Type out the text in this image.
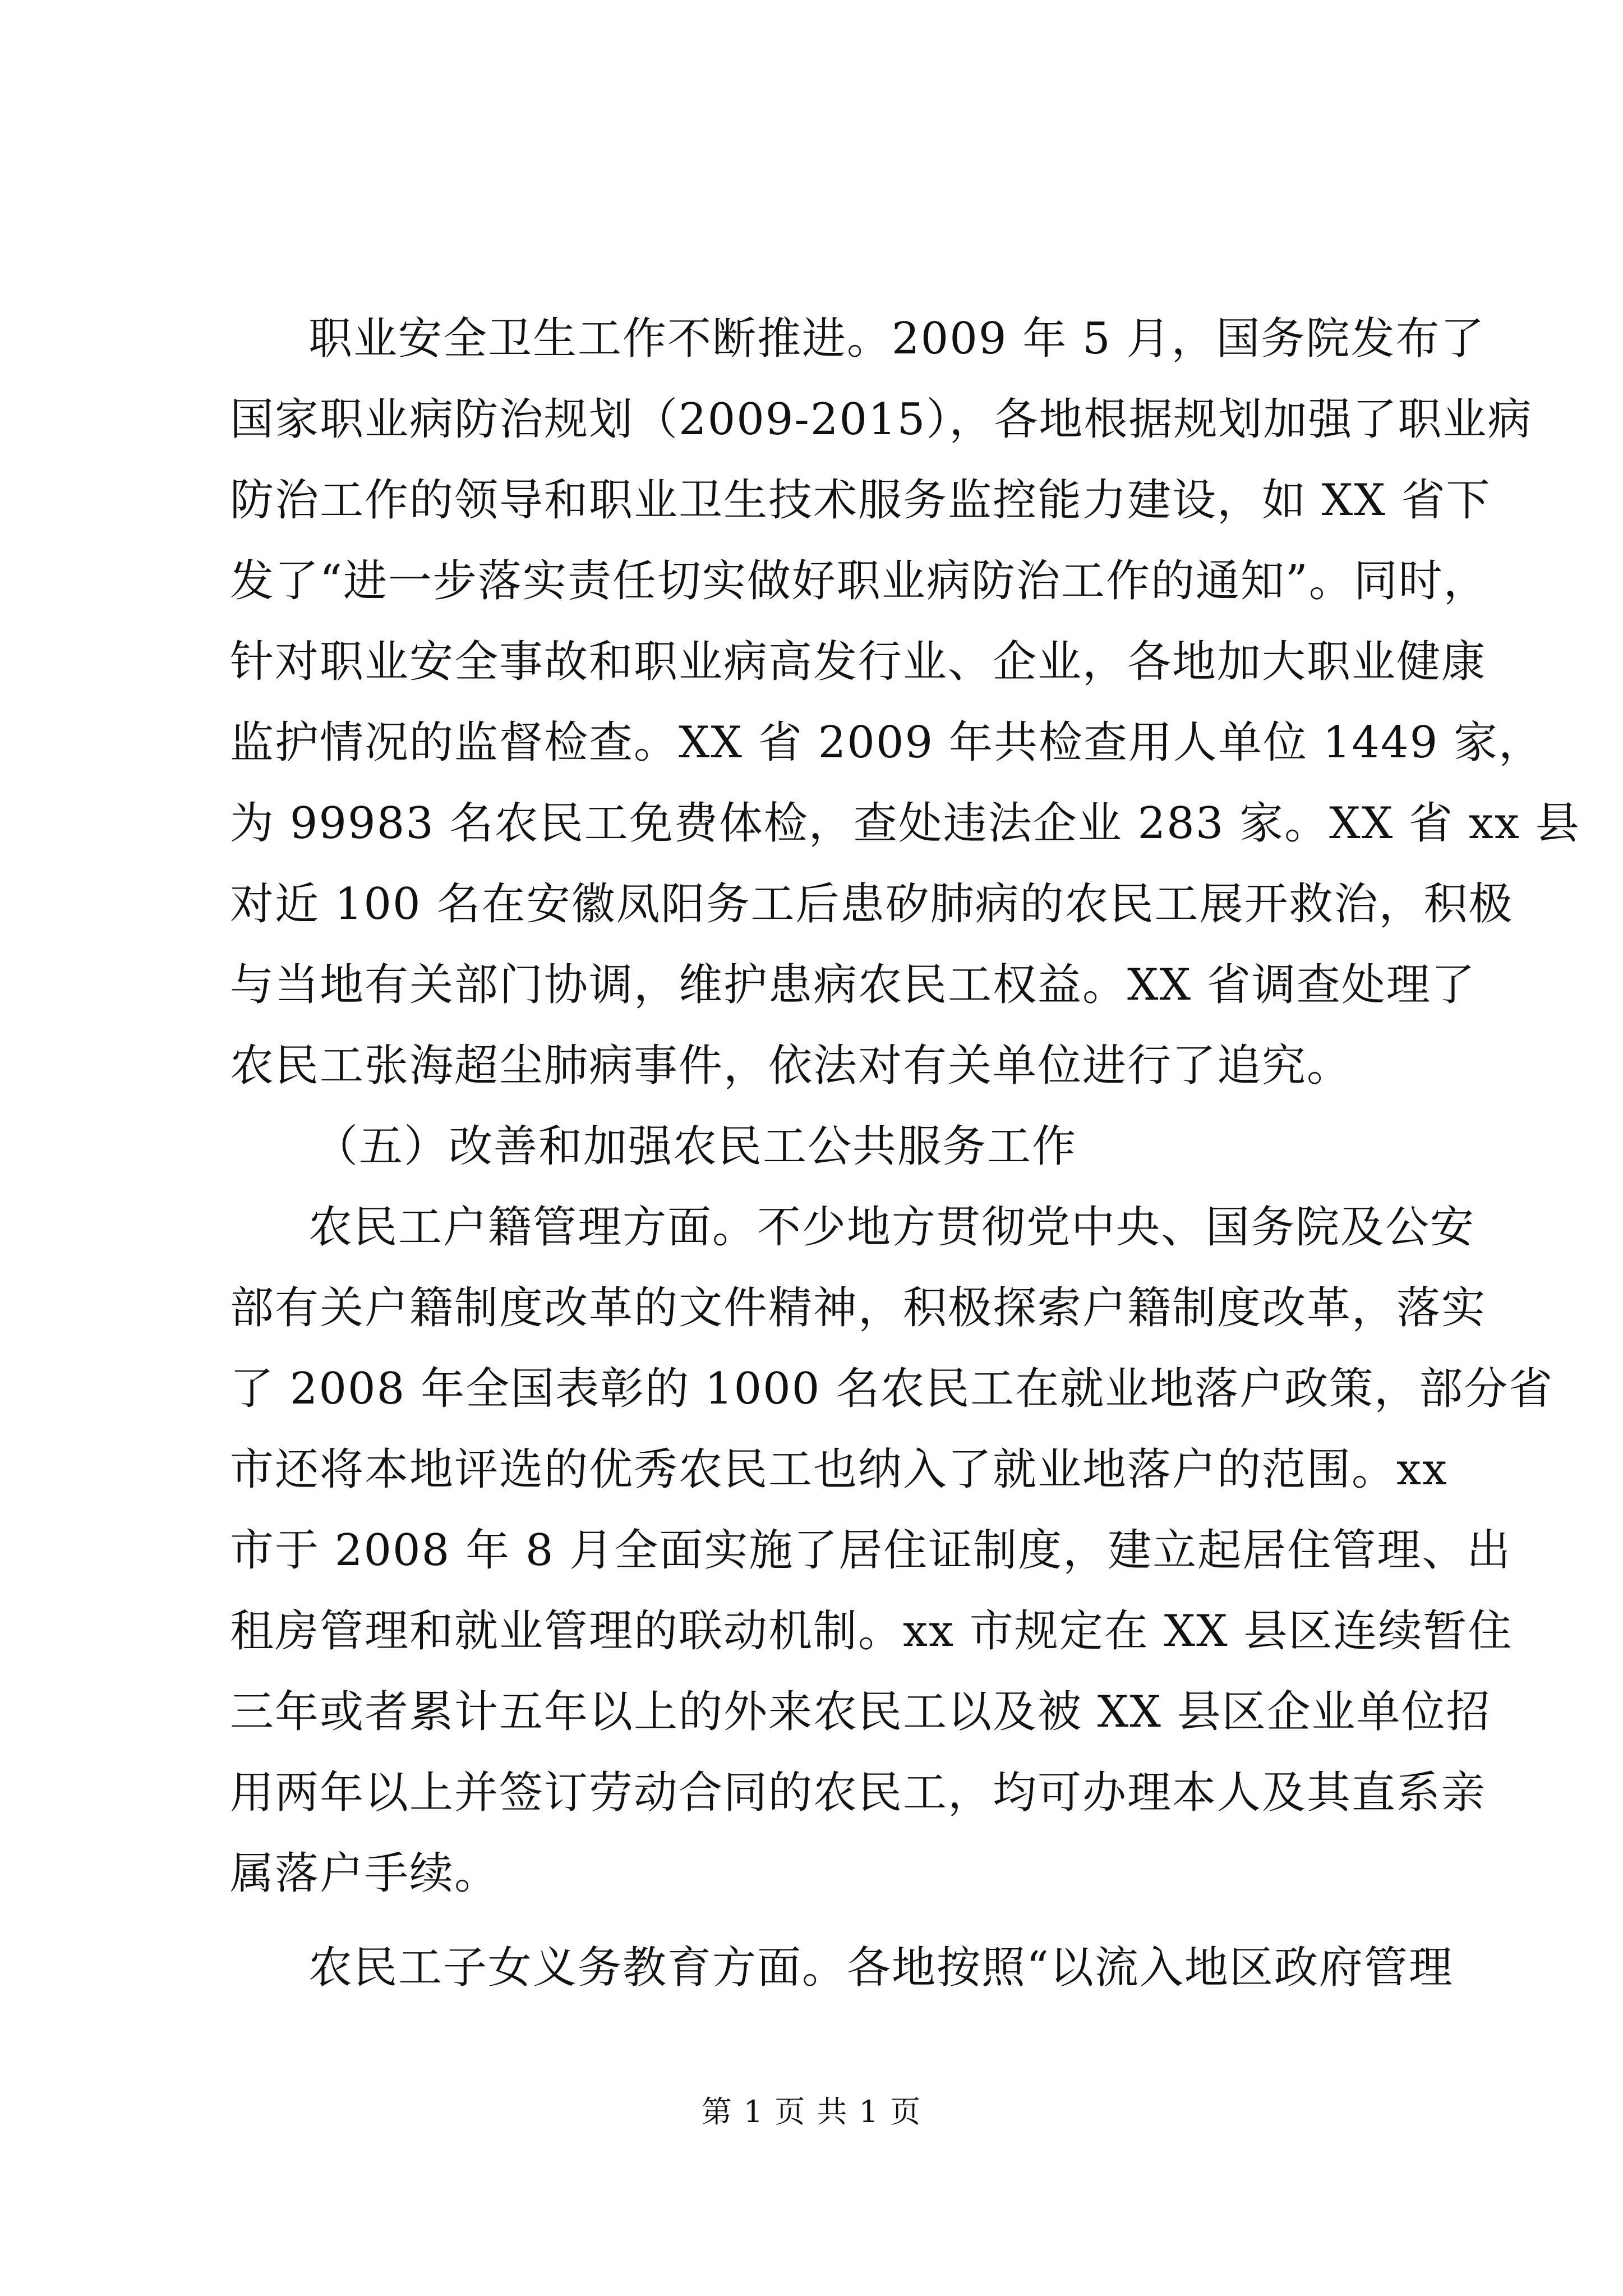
职业安全卫生工作不断推进。2009 年 5 月，国务院发布了
国家职业病防治规划（2009-2015），各地根据规划加强了职业病
防治工作的领导和职业卫生技术服务监控能力建设，如 XX 省下
发了“进一步落实责任切实做好职业病防治工作的通知”。同时，
针对职业安全事故和职业病高发行业、企业，各地加大职业健康
监护情况的监督检查。XX 省 2009 年共检查用人单位 1449 家，
为 99983 名农民工免费体检，查处违法企业 283 家。XX 省 xx 县
对近 100 名在安徽凤阳务工后患矽肺病的农民工展开救治，积极
与当地有关部门协调，维护患病农民工权益。XX 省调查处理了
农民工张海超尘肺病事件，依法对有关单位进行了追究。
（五）改善和加强农民工公共服务工作
农民工户籍管理方面。不少地方贯彻党中央、国务院及公安
部有关户籍制度改革的文件精神，积极探索户籍制度改革，落实
了 2008 年全国表彰的 1000 名农民工在就业地落户政策，部分省
市还将本地评选的优秀农民工也纳入了就业地落户的范围。xx
市于 2008 年 8 月全面实施了居住证制度，建立起居住管理、出
租房管理和就业管理的联动机制。xx 市规定在 XX 县区连续暂住
三年或者累计五年以上的外来农民工以及被 XX 县区企业单位招
用两年以上并签订劳动合同的农民工，均可办理本人及其直系亲
属落户手续。
农民工子女义务教育方面。各地按照“以流入地区政府管理
第 1 页 共 1 页
